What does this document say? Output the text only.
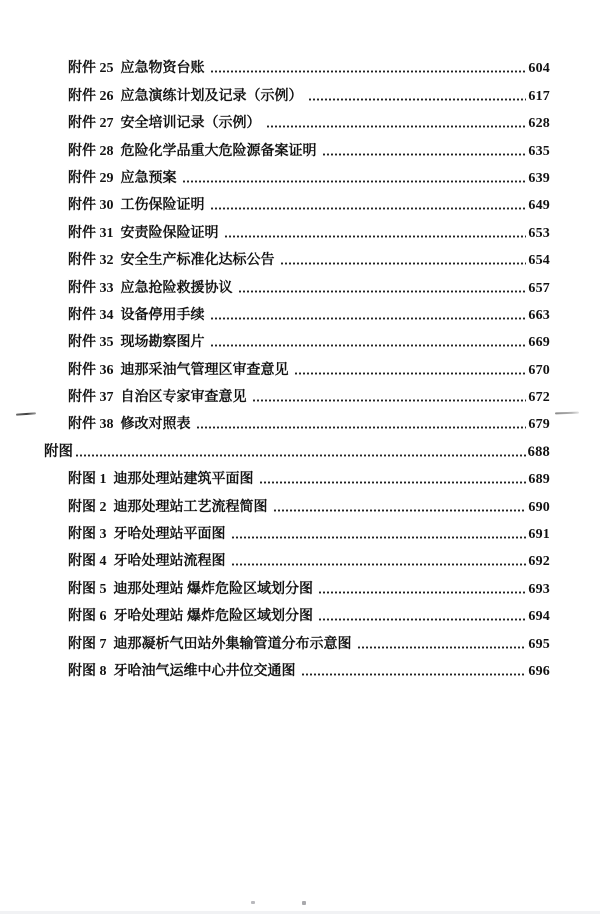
附件 25 应急物资台账	604
附件 26 应急演练计划及记录（示例）	617
附件 27 安全培训记录（示例）	628
附件 28 危险化学品重大危险源备案证明	635
附件 29 应急预案	639
附件 30 工伤保险证明	649
附件 31 安责险保险证明	653
附件 32 安全生产标准化达标公告	654
附件 33 应急抢险救援协议	657
附件 34 设备停用手续	663
附件 35 现场勘察图片	669
附件 36 迪那采油气管理区审查意见	670
附件 37 自治区专家审查意见	672
附件 38 修改对照表	679
附图	688
附图 1 迪那处理站建筑平面图	689
附图 2 迪那处理站工艺流程简图	690
附图 3 牙哈处理站平面图	691
附图 4 牙哈处理站流程图	692
附图 5 迪那处理站 爆炸危险区域划分图	693
附图 6 牙哈处理站 爆炸危险区域划分图	694
附图 7 迪那凝析气田站外集输管道分布示意图	695
附图 8 牙哈油气运维中心井位交通图	696
